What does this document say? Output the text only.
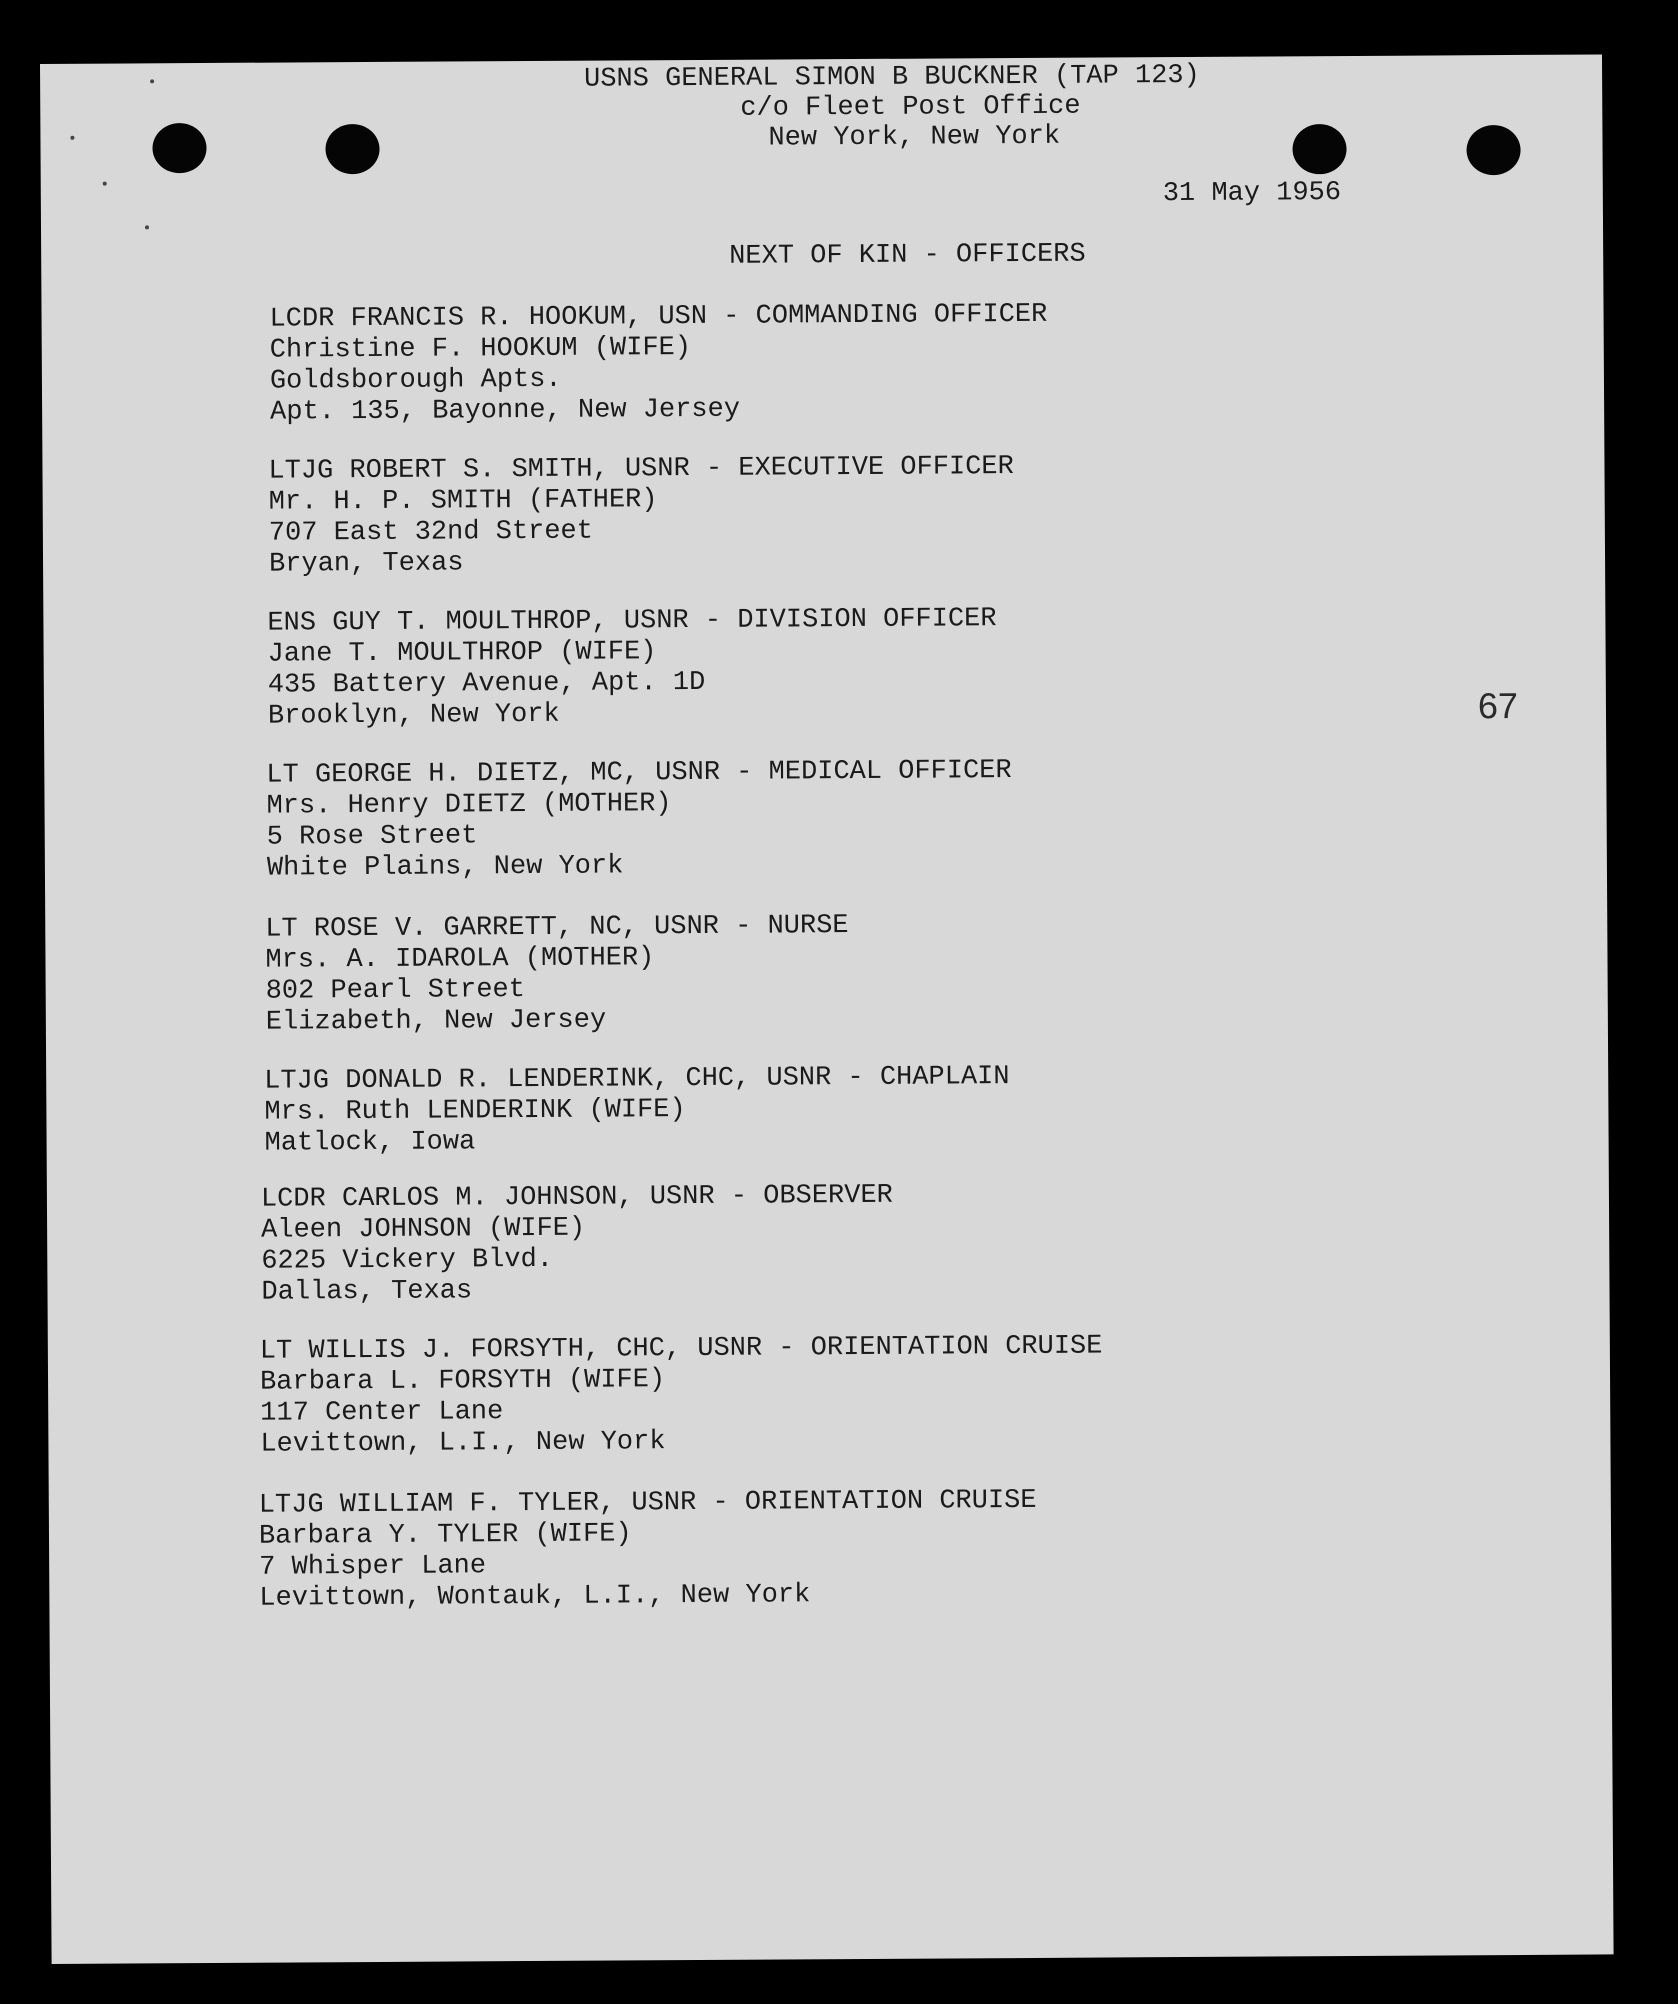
USNS GENERAL SIMON B BUCKNER (TAP 123)
c/o Fleet Post Office
New York, New York
31 May 1956
NEXT OF KIN - OFFICERS
67
LCDR FRANCIS R. HOOKUM, USN - COMMANDING OFFICER
Christine F. HOOKUM (WIFE)
Goldsborough Apts.
Apt. 135, Bayonne, New Jersey
LTJG ROBERT S. SMITH, USNR - EXECUTIVE OFFICER
Mr. H. P. SMITH (FATHER)
707 East 32nd Street
Bryan, Texas
ENS GUY T. MOULTHROP, USNR - DIVISION OFFICER
Jane T. MOULTHROP (WIFE)
435 Battery Avenue, Apt. 1D
Brooklyn, New York
LT GEORGE H. DIETZ, MC, USNR - MEDICAL OFFICER
Mrs. Henry DIETZ (MOTHER)
5 Rose Street
White Plains, New York
LT ROSE V. GARRETT, NC, USNR - NURSE
Mrs. A. IDAROLA (MOTHER)
802 Pearl Street
Elizabeth, New Jersey
LTJG DONALD R. LENDERINK, CHC, USNR - CHAPLAIN
Mrs. Ruth LENDERINK (WIFE)
Matlock, Iowa
LCDR CARLOS M. JOHNSON, USNR - OBSERVER
Aleen JOHNSON (WIFE)
6225 Vickery Blvd.
Dallas, Texas
LT WILLIS J. FORSYTH, CHC, USNR - ORIENTATION CRUISE
Barbara L. FORSYTH (WIFE)
117 Center Lane
Levittown, L.I., New York
LTJG WILLIAM F. TYLER, USNR - ORIENTATION CRUISE
Barbara Y. TYLER (WIFE)
7 Whisper Lane
Levittown, Wontauk, L.I., New York
